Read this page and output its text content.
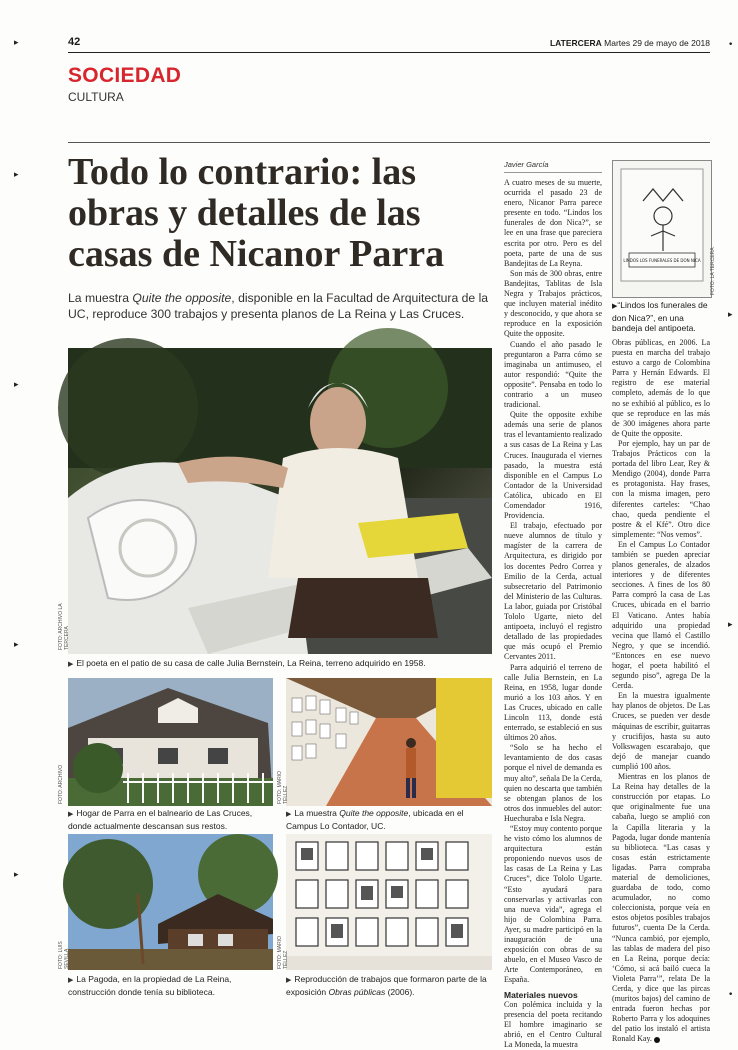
▸
▸
▸
▸
▸
•
▸
▸
•
42	LATERCERA Martes 29 de mayo de 2018
SOCIEDAD
CULTURA
Todo lo contrario: las obras y detalles de las casas de Nicanor Parra

La muestra Quite the opposite, disponible en la Facultad de Arquitectura de la UC, reproduce 300 trabajos y presenta planos de La Reina y Las Cruces.

FOTO: ARCHIVO LA TERCERA

▶ El poeta en el patio de su casa de calle Julia Bernstein, La Reina, terreno adquirido en 1958.

FOTO: ARCHIVO

▶ Hogar de Parra en el balneario de Las Cruces, donde actualmente descansan sus restos.

FOTO: MARIO TÉLLEZ

▶ La muestra Quite the opposite, ubicada en el Campus Lo Contador, UC.

FOTO: LUIS SEVILLA

▶ La Pagoda, en la propiedad de La Reina, construcción donde tenía su biblioteca.

FOTO: MARIO TÉLLEZ

▶ Reproducción de trabajos que formaron parte de la exposición Obras públicas (2006).

Javier García

A cuatro meses de su muerte, ocurrida el pasado 23 de enero, Nicanor Parra parece presente en todo. “Lindos los funerales de don Nica?”, se lee en una frase que pareciera escrita por otro. Pero es del poeta, parte de una de sus Bandejitas de La Reyna.

Son más de 300 obras, entre Bandejitas, Tablitas de Isla Negra y Trabajos prácticos, que incluyen material inédito y desconocido, y que ahora se reproduce en la exposición Quite the opposite.

Cuando el año pasado le preguntaron a Parra cómo se imaginaba un antimuseo, el autor respondió: “Quite the opposite”. Pensaba en todo lo contrario a un museo tradicional.

Quite the opposite exhibe además una serie de planos tras el levantamiento realizado a sus casas de La Reina y Las Cruces. Inaugurada el viernes pasado, la muestra está disponible en el Campus Lo Contador de la Universidad Católica, ubicado en El Comendador 1916, Providencia.

El trabajo, efectuado por nueve alumnos de título y magíster de la carrera de Arquitectura, es dirigido por los docentes Pedro Correa y Emilio de la Cerda, actual subsecretario del Patrimonio del Ministerio de las Culturas. La labor, guiada por Cristóbal Tololo Ugarte, nieto del antipoeta, incluyó el registro detallado de las propiedades que más ocupó el Premio Cervantes 2011.

Parra adquirió el terreno de calle Julia Bernstein, en La Reina, en 1958, lugar donde murió a los 103 años. Y en Las Cruces, ubicado en calle Lincoln 113, donde está enterrado, se estableció en sus últimos 20 años.

“Solo se ha hecho el levantamiento de dos casas porque el nivel de demanda es muy alto”, señala De la Cerda, quien no descarta que también se obtengan planos de los otros dos inmuebles del autor: Huechuraba e Isla Negra.

“Estoy muy contento porque he visto cómo los alumnos de arquitectura están proponiendo nuevos usos de las casas de La Reina y Las Cruces”, dice Tololo Ugarte. “Esto ayudará para conservarlas y activarlas con una nueva vida”, agrega el hijo de Colombina Parra. Ayer, su madre participó en la inauguración de una exposición con obras de su abuelo, en el Museo Vasco de Arte Contemporáneo, en España.

Materiales nuevos

Con polémica incluida y la presencia del poeta recitando El hombre imaginario se abrió, en el Centro Cultural La Moneda, la muestra

LINDOS LOS FUNERALES DE DON NICA FOTO: LA TERCERA

▶“Lindos los funerales de don Nica?”, en una bandeja del antipoeta.

Obras públicas, en 2006. La puesta en marcha del trabajo estuvo a cargo de Colombina Parra y Hernán Edwards. El registro de ese material completo, además de lo que no se exhibió al público, es lo que se reproduce en las más de 300 imágenes ahora parte de Quite the opposite.

Por ejemplo, hay un par de Trabajos Prácticos con la portada del libro Lear, Rey & Mendigo (2004), donde Parra es protagonista. Hay frases, con la misma imagen, pero diferentes carteles: “Chao chao, queda pendiente el postre & el Kfé”. Otro dice simplemente: “Nos vemos”.

En el Campus Lo Contador también se pueden apreciar planos generales, de alzados interiores y de diferentes secciones. A fines de los 80 Parra compró la casa de Las Cruces, ubicada en el barrio El Vaticano. Antes había adquirido una propiedad vecina que llamó el Castillo Negro, y que se incendió. “Entonces en ese nuevo hogar, el poeta habilitó el segundo piso”, agrega De la Cerda.

En la muestra igualmente hay planos de objetos. De Las Cruces, se pueden ver desde máquinas de escribir, guitarras y crucifijos, hasta su auto Volkswagen escarabajo, que dejó de manejar cuando cumplió 100 años.

Mientras en los planos de La Reina hay detalles de la construcción por etapas. Lo que originalmente fue una cabaña, luego se amplió con la Capilla literaria y la Pagoda, lugar donde mantenía su biblioteca. “Las casas y cosas están estrictamente ligadas. Parra compraba material de demoliciones, guardaba de todo, como acumulador, no como coleccionista, porque veía en estos objetos posibles trabajos futuros”, cuenta De la Cerda. “Nunca cambió, por ejemplo, las tablas de madera del piso en La Reina, porque decía: ‘Cómo, si acá bailó cueca la Violeta Parra’”, relata De la Cerda, y dice que las pircas (muritos bajos) del camino de entrada fueron hechas por Roberto Parra y los adoquines del patio los instaló el artista Ronald Kay.
